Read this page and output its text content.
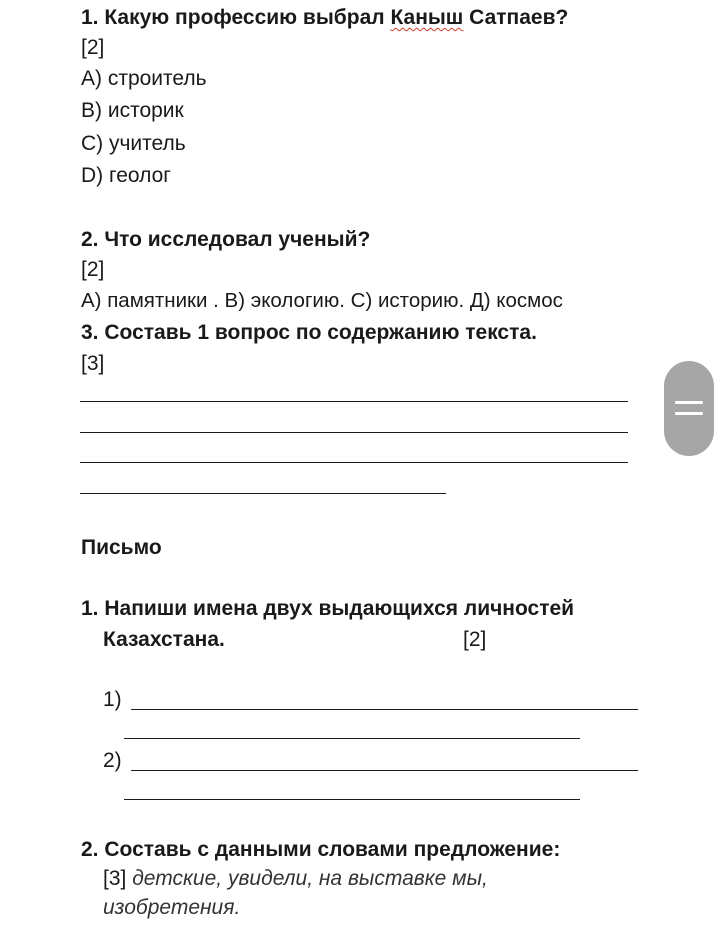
1. Какую профессию выбрал Каныш Сатпаев?
[2]
A) строитель
B) историк
C) учитель
D) геолог
2. Что исследовал ученый?
[2]
А) памятники . В) экологию. С) историю. Д) космос
3. Составь 1 вопрос по содержанию текста.
[3]
Письмо
1. Напиши имена двух выдающихся личностей
Казахстана.	[2]
1)
2)
2. Составь с данными словами предложение:
[3] детские, увидели, на выставке мы,
изобретения.
